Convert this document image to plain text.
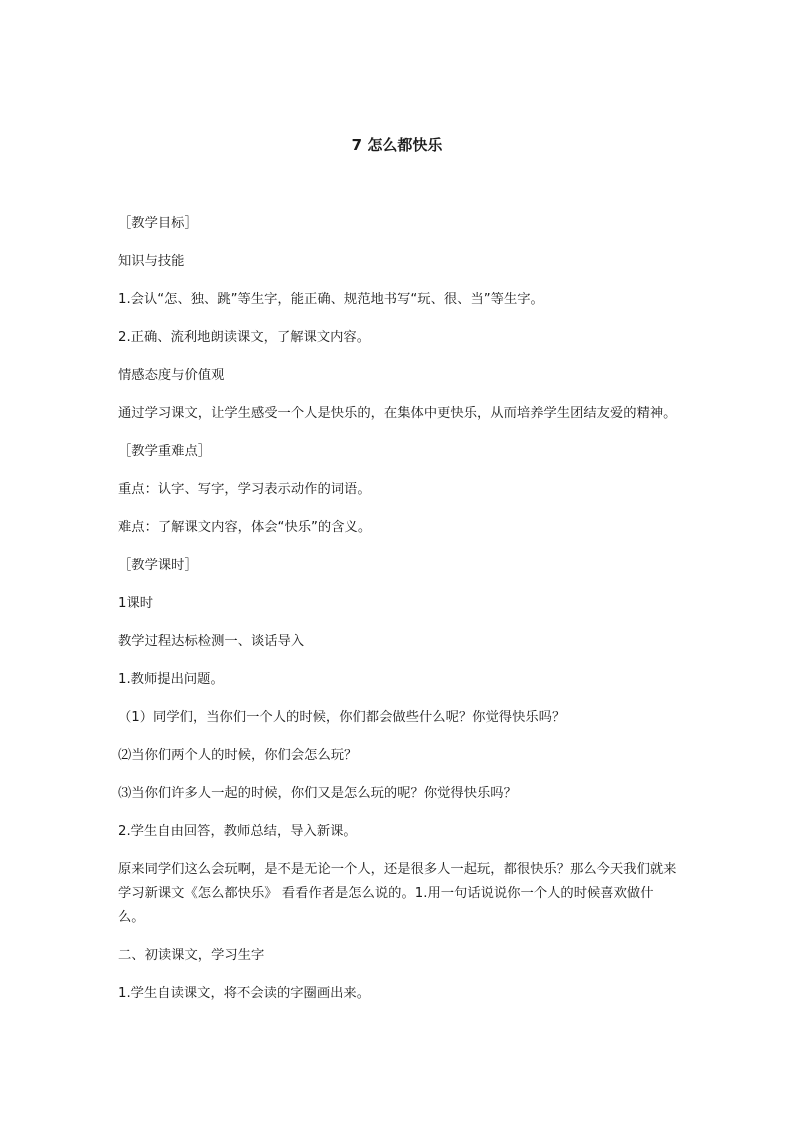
7 怎么都快乐

［教学目标］

知识与技能

1.会认“怎、独、跳”等生字，能正确、规范地书写“玩、很、当”等生字。

2.正确、流利地朗读课文，了解课文内容。

情感态度与价值观

通过学习课文，让学生感受一个人是快乐的，在集体中更快乐，从而培养学生团结友爱的精神。

［教学重难点］

重点：认字、写字，学习表示动作的词语。

难点：了解课文内容，体会“快乐”的含义。

［教学课时］

1课时

教学过程达标检测一、谈话导入

1.教师提出问题。

（1）同学们，当你们一个人的时候，你们都会做些什么呢？你觉得快乐吗？

⑵当你们两个人的时候，你们会怎么玩？

⑶当你们许多人一起的时候，你们又是怎么玩的呢？你觉得快乐吗？

2.学生自由回答，教师总结，导入新课。

原来同学们这么会玩啊，是不是无论一个人，还是很多人一起玩，都很快乐？那么今天我们就来学习新课文《怎么都快乐》 看看作者是怎么说的。1.用一句话说说你一个人的时候喜欢做什么。

二、初读课文，学习生字

1.学生自读课文，将不会读的字圈画出来。
